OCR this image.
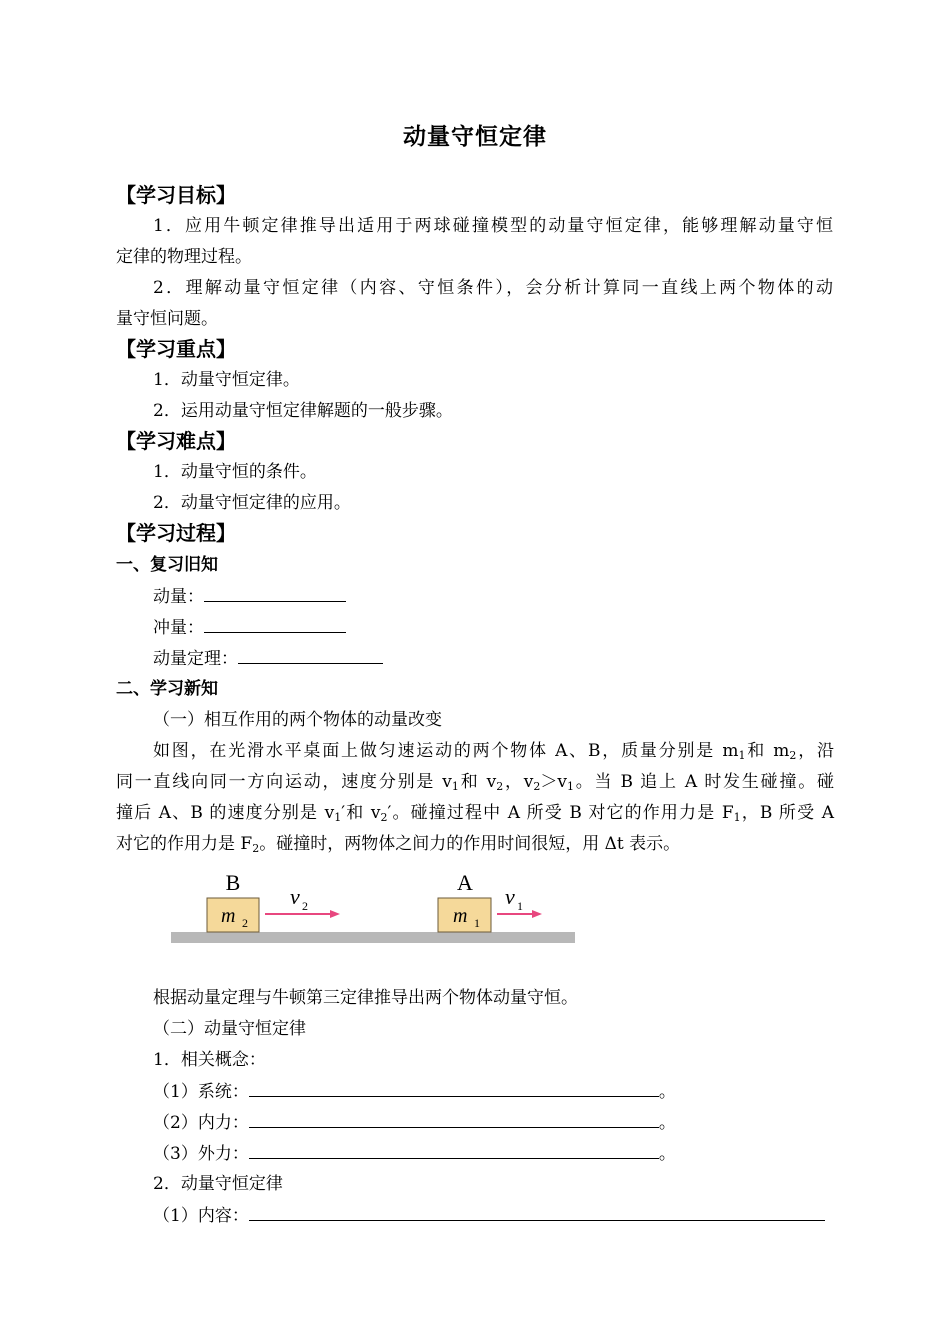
动量守恒定律
【学习目标】
1．应用牛顿定律推导出适用于两球碰撞模型的动量守恒定律，能够理解动量守恒
定律的物理过程。
2．理解动量守恒定律（内容、守恒条件），会分析计算同一直线上两个物体的动
量守恒问题。
【学习重点】
1．动量守恒定律。
2．运用动量守恒定律解题的一般步骤。
【学习难点】
1．动量守恒的条件。
2．动量守恒定律的应用。
【学习过程】
一、复习旧知
动量：
冲量：
动量定理：
二、学习新知
（一）相互作用的两个物体的动量改变
如图，在光滑水平桌面上做匀速运动的两个物体 A、B，质量分别是 $m_1$和 $m_2$，沿
同一直线向同一方向运动，速度分别是 $v_1$和 $v_2$，$v_2>v_1$。当 B 追上 A 时发生碰撞。碰
撞后 A、B 的速度分别是 $v_1'$和 $v_2'$。碰撞过程中 A 所受 B 对它的作用力是 $F_1$，B 所受 A
对它的作用力是 $F_2$。碰撞时，两物体之间力的作用时间很短，用 Δt 表示。
B
m 2
v 2
A
m 1
v 1
根据动量定理与牛顿第三定律推导出两个物体动量守恒。
（二）动量守恒定律
1．相关概念：
（1）系统：	。
（2）内力：	。
（3）外力：	。
2．动量守恒定律
（1）内容：
